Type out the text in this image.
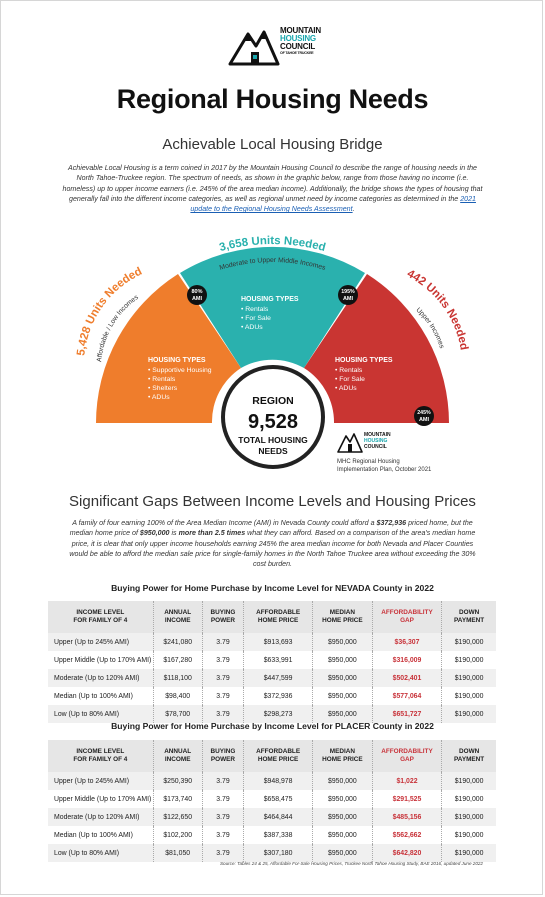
MOUNTAIN
HOUSING
COUNCIL
OF TAHOE TRUCKEE
Regional Housing Needs
Achievable Local Housing Bridge
Achievable Local Housing is a term coined in 2017 by the Mountain Housing Council to describe the range of housing needs in the North Tahoe-Truckee region. The spectrum of needs, as shown in the graphic below, range from those having no income (i.e. homeless) up to upper income earners (i.e. 245% of the area median income). Additionally, the bridge shows the types of housing that generally fall into the different income categories, as well as regional unmet need by income categories as determined in the 2021 update to the Regional Housing Needs Assessment.
REGION
9,528
TOTAL HOUSING
NEEDS
5,428 Units Needed
Affordable / Low Incomes
HOUSING TYPES
• Supportive Housing
• Rentals
• Shelters
• ADUs
3,658 Units Needed
Moderate to Upper Middle Incomes
HOUSING TYPES
• Rentals
• For Sale
• ADUs
442 Units Needed
Upper Incomes
HOUSING TYPES
• Rentals
• For Sale
• ADUs
80%
AMI
195%
AMI
245%
AMI
MOUNTAIN
HOUSING
COUNCIL
MHC Regional Housing
Implementation Plan, October 2021
Significant Gaps Between Income Levels and Housing Prices
A family of four earning 100% of the Area Median Income (AMI) in Nevada County could afford a $372,936 priced home, but the median home price of $950,000 is more than 2.5 times what they can afford. Based on a comparison of the area's median home price, it is clear that only upper income households earning 245% the area median income for both Nevada and Placer Counties would be able to afford the median sale price for single-family homes in the North Tahoe Truckee area without exceeding the 30% cost burden.
Buying Power for Home Purchase by Income Level for NEVADA County in 2022
INCOME LEVEL
FOR FAMILY OF 4	ANNUAL
INCOME	BUYING
POWER	AFFORDABLE
HOME PRICE	MEDIAN
HOME PRICE	AFFORDABILITY
GAP	DOWN
PAYMENT
Upper (Up to 245% AMI)	$241,080	3.79	$913,693	$950,000	$36,307	$190,000
Upper Middle (Up to 170% AMI)	$167,280	3.79	$633,991	$950,000	$316,009	$190,000
Moderate (Up to 120% AMI)	$118,100	3.79	$447,599	$950,000	$502,401	$190,000
Median (Up to 100% AMI)	$98,400	3.79	$372,936	$950,000	$577,064	$190,000
Low (Up to 80% AMI)	$78,700	3.79	$298,273	$950,000	$651,727	$190,000
Buying Power for Home Purchase by Income Level for PLACER County in 2022
INCOME LEVEL
FOR FAMILY OF 4	ANNUAL
INCOME	BUYING
POWER	AFFORDABLE
HOME PRICE	MEDIAN
HOME PRICE	AFFORDABILITY
GAP	DOWN
PAYMENT
Upper (Up to 245% AMI)	$250,390	3.79	$948,978	$950,000	$1,022	$190,000
Upper Middle (Up to 170% AMI)	$173,740	3.79	$658,475	$950,000	$291,525	$190,000
Moderate (Up to 120% AMI)	$122,650	3.79	$464,844	$950,000	$485,156	$190,000
Median (Up to 100% AMI)	$102,200	3.79	$387,338	$950,000	$562,662	$190,000
Low (Up to 80% AMI)	$81,050	3.79	$307,180	$950,000	$642,820	$190,000
Source: Tables 24 & 25, Affordable For-Sale Housing Prices, Truckee North Tahoe Housing Study, BAE 2016, updated June 2022
